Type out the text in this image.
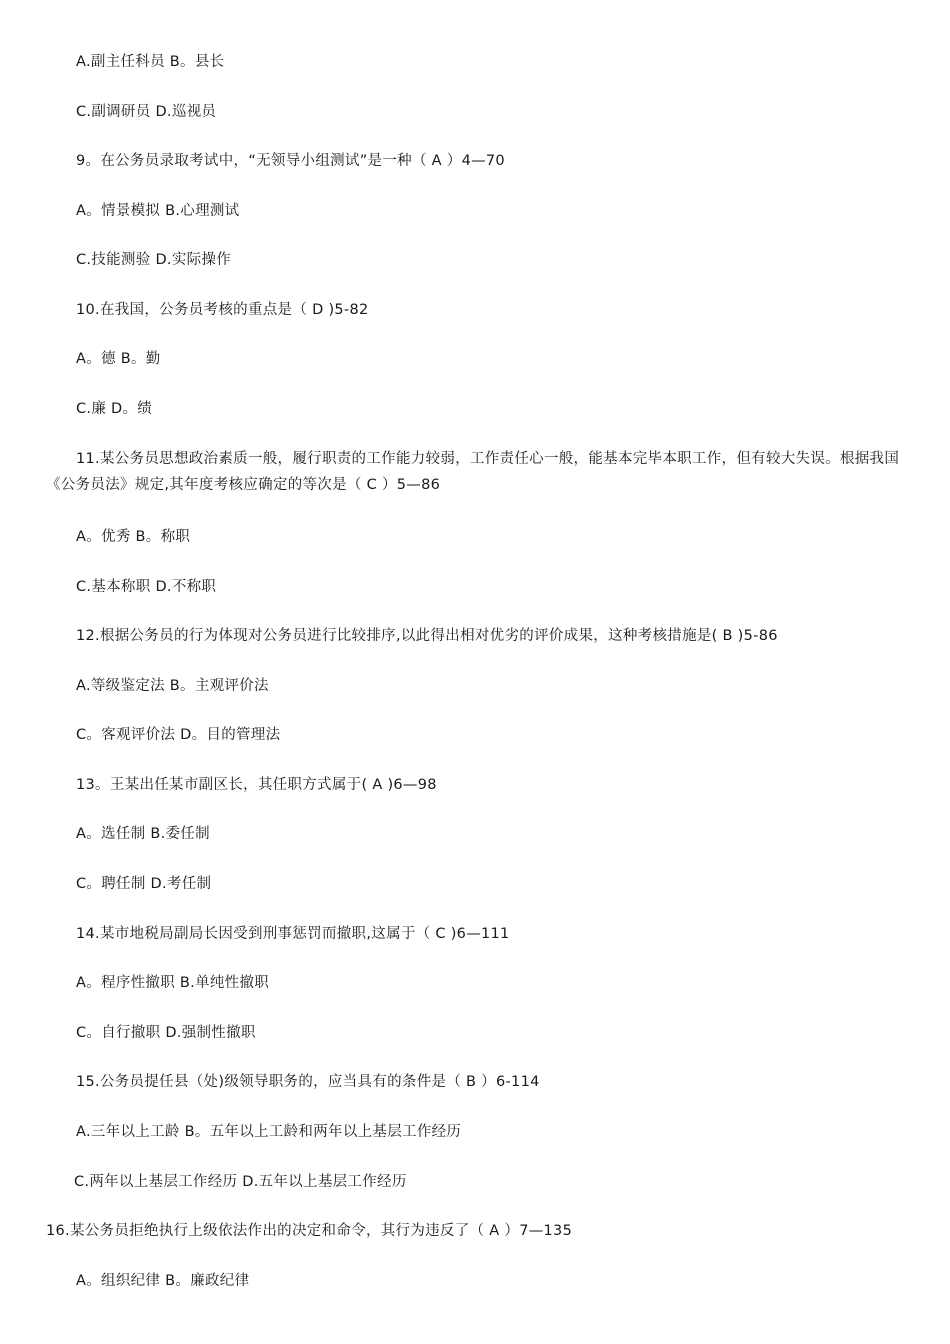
A.副主任科员 B。县长
C.副调研员 D.巡视员
9。在公务员录取考试中，“无领导小组测试”是一种（ A ）4—70
A。情景模拟 B.心理测试
C.技能测验 D.实际操作
10.在我国，公务员考核的重点是（ D )5-82
A。德 B。勤
C.廉 D。绩
11.某公务员思想政治素质一般，履行职责的工作能力较弱，工作责任心一般，能基本完毕本职工作，但有较大失误。根据我国《公务员法》规定,其年度考核应确定的等次是（ C ）5—86
A。优秀 B。称职
C.基本称职 D.不称职
12.根据公务员的行为体现对公务员进行比较排序,以此得出相对优劣的评价成果，这种考核措施是( B )5-86
A.等级鉴定法 B。主观评价法
C。客观评价法 D。目的管理法
13。王某出任某市副区长，其任职方式属于( A )6—98
A。选任制 B.委任制
C。聘任制 D.考任制
14.某市地税局副局长因受到刑事惩罚而撤职,这属于（ C )6—111
A。程序性撤职 B.单纯性撤职
C。自行撤职 D.强制性撤职
15.公务员提任县（处)级领导职务的，应当具有的条件是（ B ）6-114
A.三年以上工龄 B。五年以上工龄和两年以上基层工作经历
C.两年以上基层工作经历 D.五年以上基层工作经历
16.某公务员拒绝执行上级依法作出的决定和命令，其行为违反了（ A ）7—135
A。组织纪律 B。廉政纪律
